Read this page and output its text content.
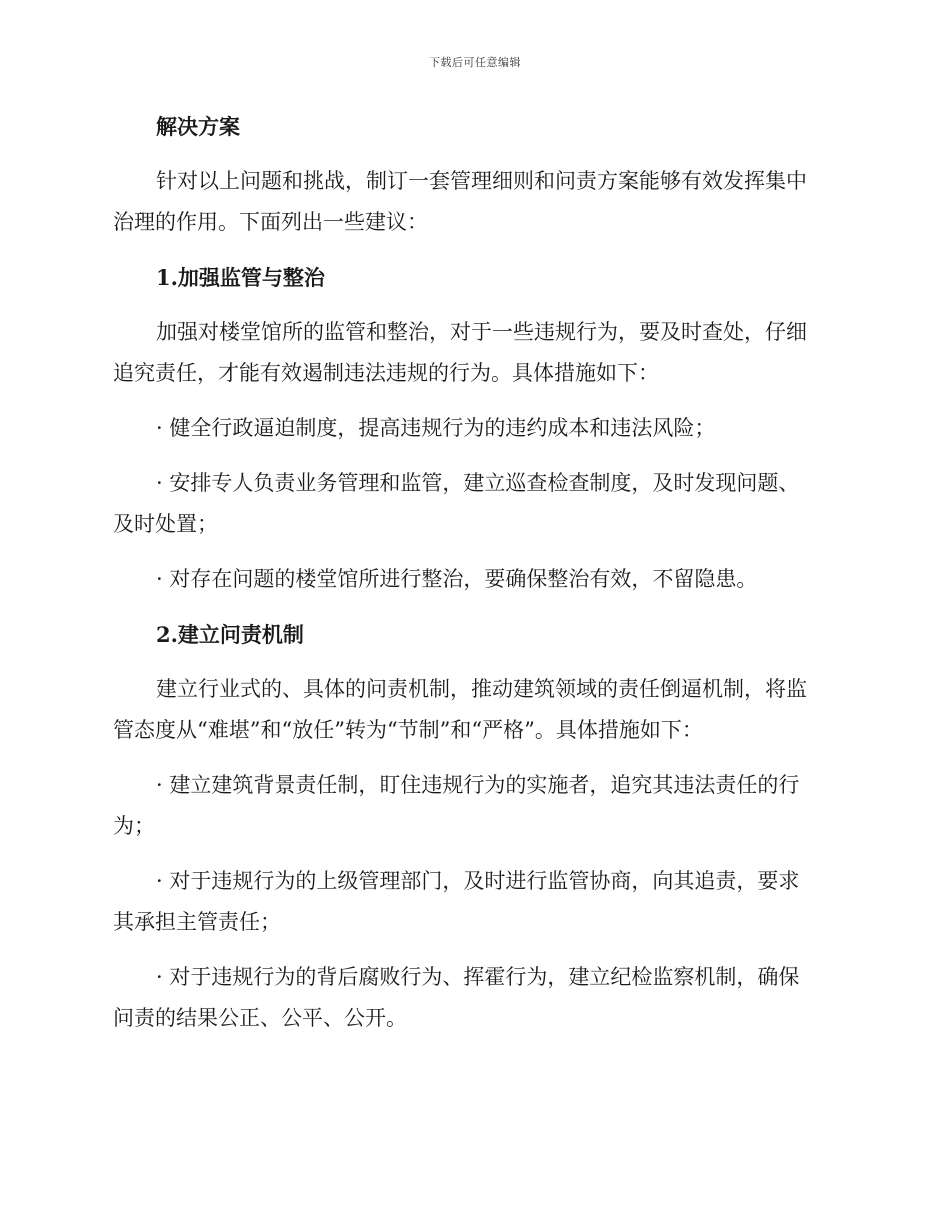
下载后可任意编辑
解决方案
针对以上问题和挑战，制订一套管理细则和问责方案能够有效发挥集中
治理的作用。下面列出一些建议：
1.加强监管与整治
加强对楼堂馆所的监管和整治，对于一些违规行为，要及时查处，仔细
追究责任，才能有效遏制违法违规的行为。具体措施如下：
· 健全行政逼迫制度，提高违规行为的违约成本和违法风险；
· 安排专人负责业务管理和监管，建立巡查检查制度，及时发现问题、
及时处置；
· 对存在问题的楼堂馆所进行整治，要确保整治有效，不留隐患。
2.建立问责机制
建立行业式的、具体的问责机制，推动建筑领域的责任倒逼机制，将监
管态度从“难堪”和“放任”转为“节制”和“严格”。具体措施如下：
· 建立建筑背景责任制，盯住违规行为的实施者，追究其违法责任的行
为；
· 对于违规行为的上级管理部门，及时进行监管协商，向其追责，要求
其承担主管责任；
· 对于违规行为的背后腐败行为、挥霍行为，建立纪检监察机制，确保
问责的结果公正、公平、公开。
